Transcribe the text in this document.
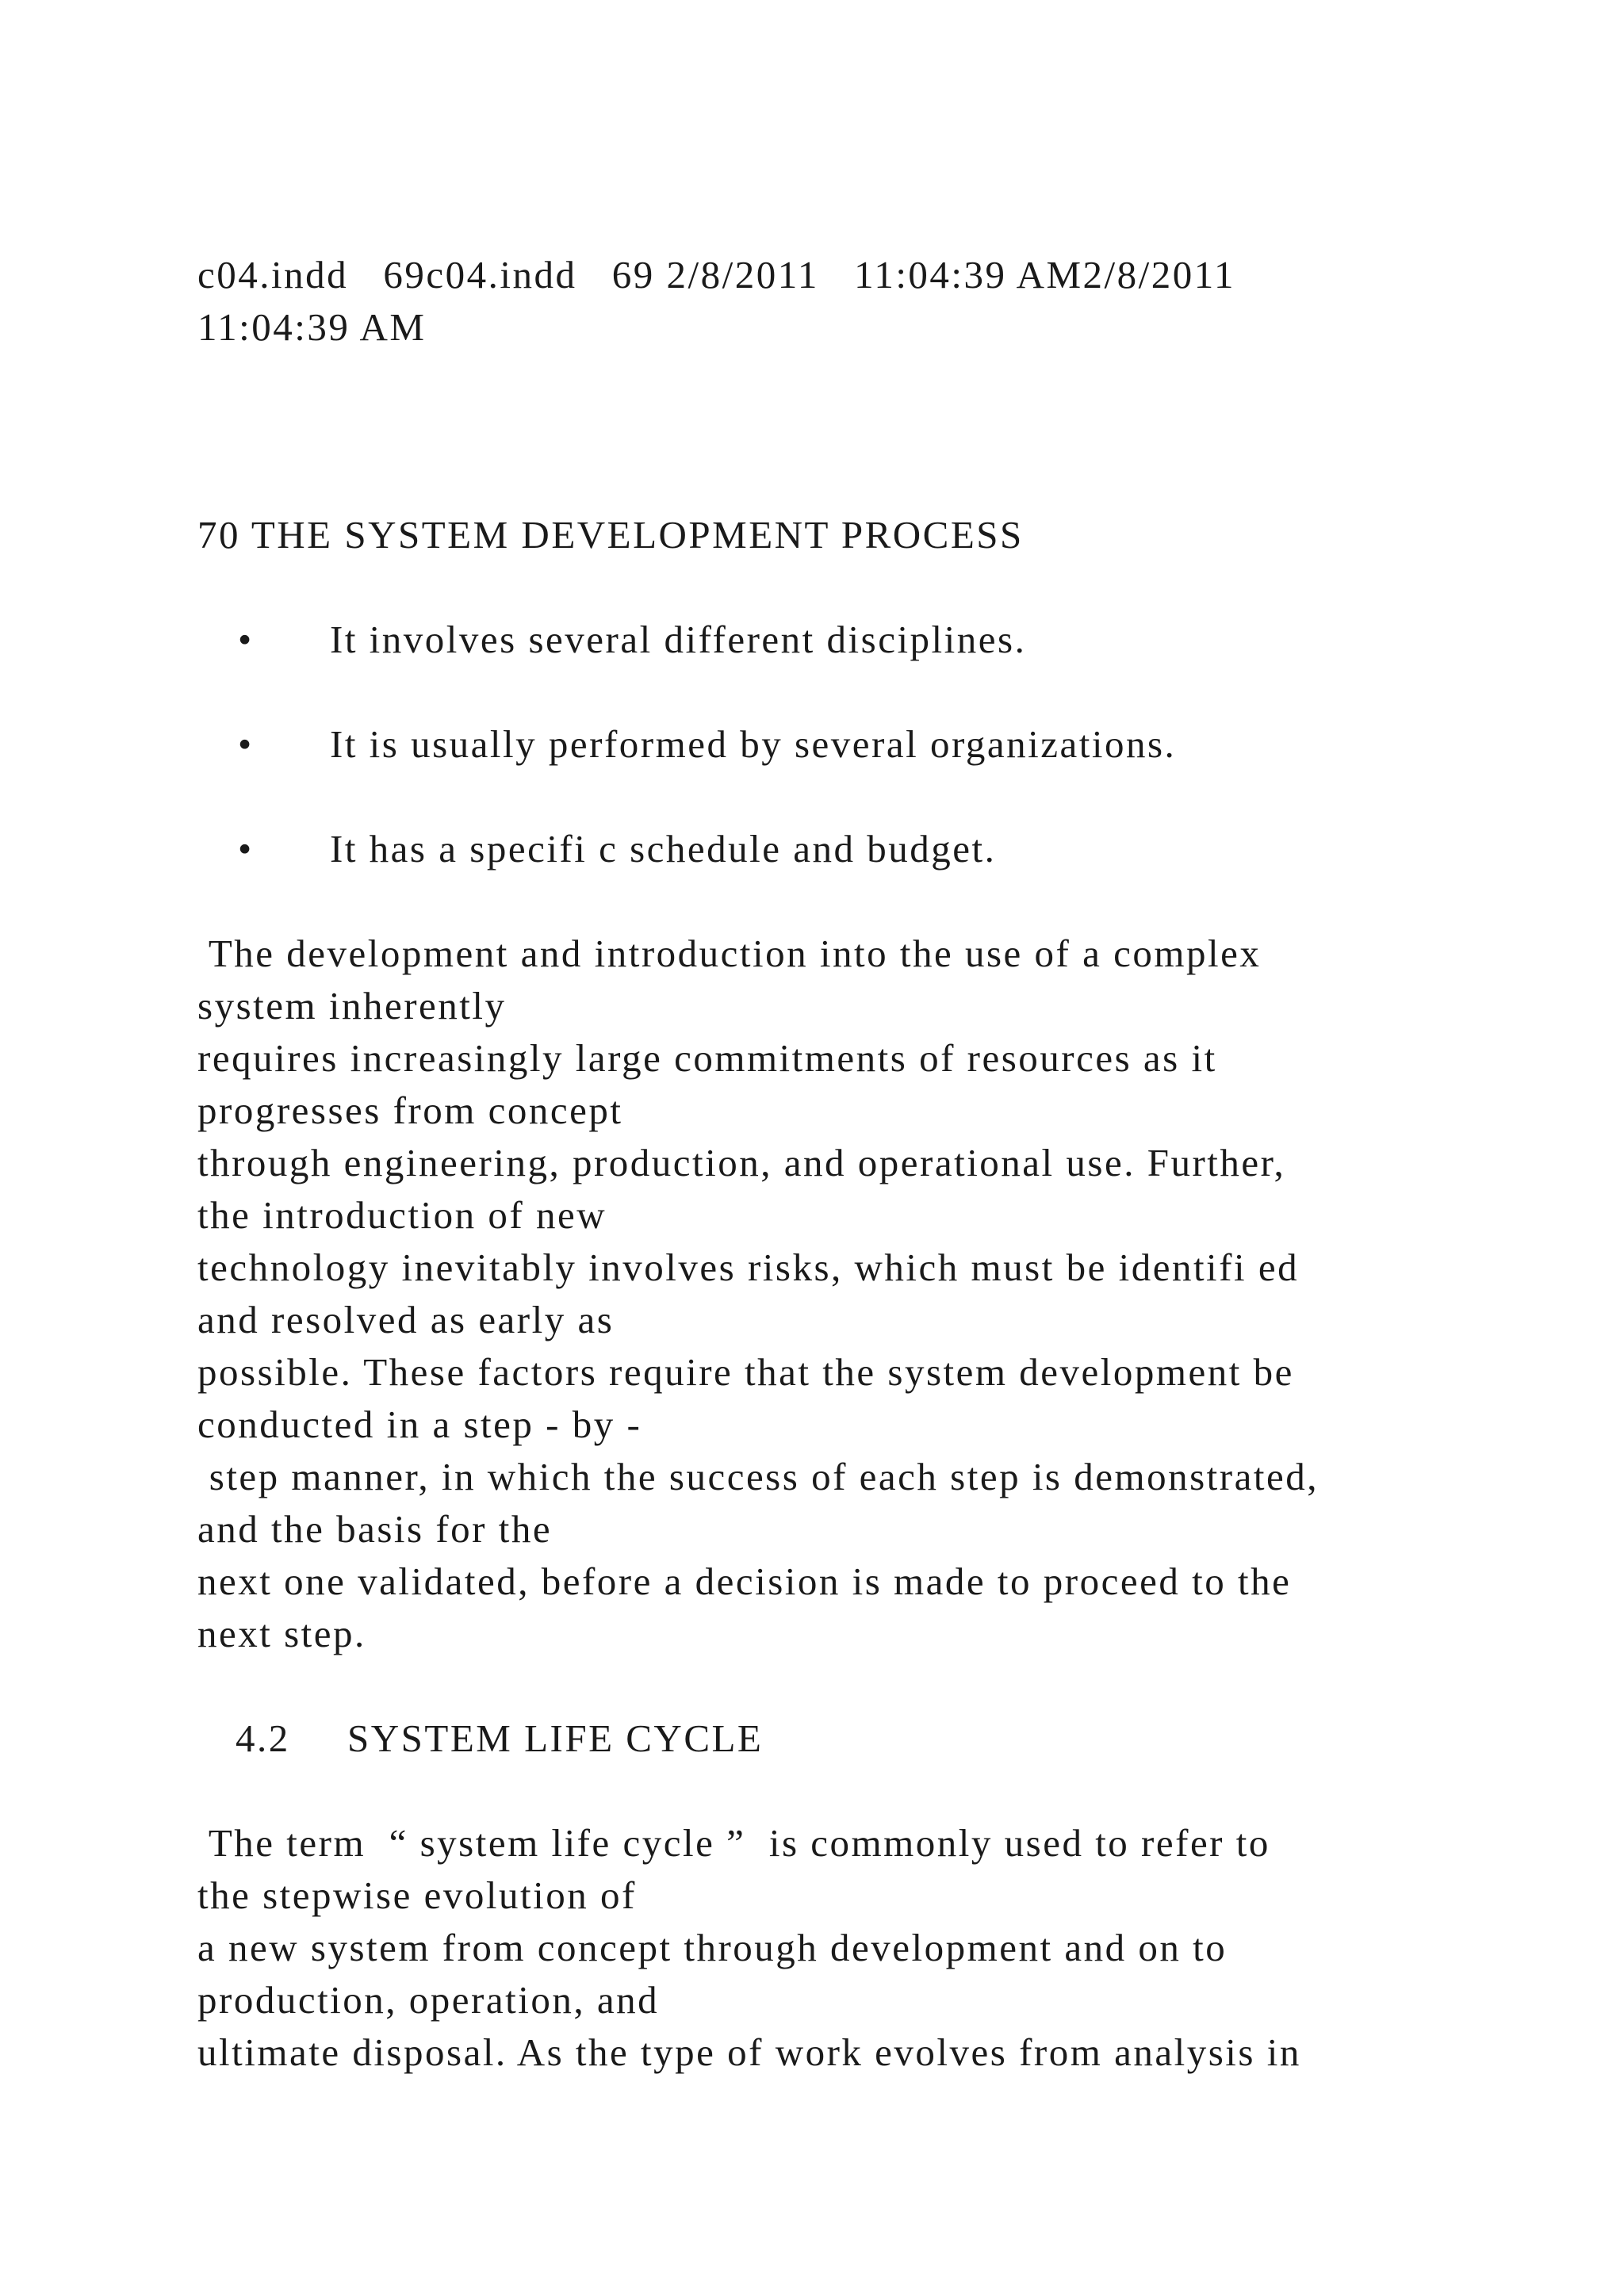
c04.indd   69c04.indd   69 2/8/2011   11:04:39 AM2/8/2011
11:04:39 AM
70 THE SYSTEM DEVELOPMENT PROCESS
• It involves several different disciplines.
• It is usually performed by several organizations.
• It has a specifi c schedule and budget.
The development and introduction into the use of a complex
system inherently
requires increasingly large commitments of resources as it
progresses from concept
through engineering, production, and operational use. Further,
the introduction of new
technology inevitably involves risks, which must be identifi ed
and resolved as early as
possible. These factors require that the system development be
conducted in a step - by -
step manner, in which the success of each step is demonstrated,
and the basis for the
next one validated, before a decision is made to proceed to the
next step.
4.2 SYSTEM LIFE CYCLE
The term  “ system life cycle ”  is commonly used to refer to
the stepwise evolution of
a new system from concept through development and on to
production, operation, and
ultimate disposal. As the type of work evolves from analysis in
